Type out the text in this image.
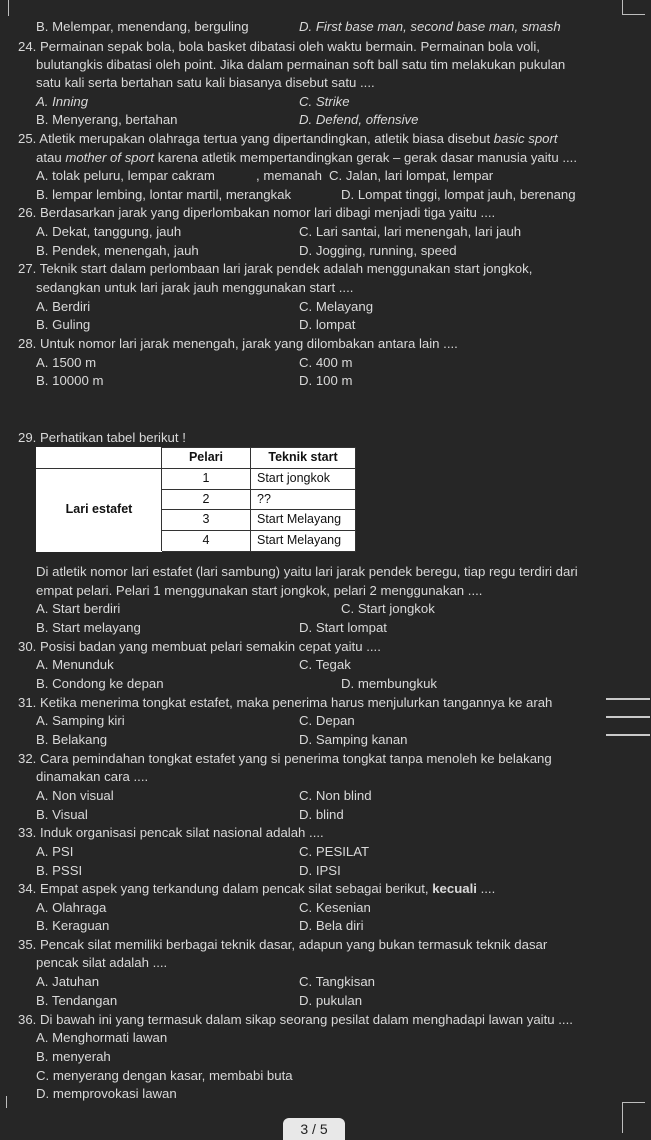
B. Melempar, menendang, berguling	D. First base man, second base man, smash
24. Permainan sepak bola, bola basket dibatasi oleh waktu bermain. Permainan bola voli,
bulutangkis dibatasi oleh point. Jika dalam permainan soft ball satu tim melakukan pukulan
satu kali serta bertahan satu kali biasanya disebut satu ....
A. Inning	C. Strike
B. Menyerang, bertahan	D. Defend, offensive
25. Atletik merupakan olahraga tertua yang dipertandingkan, atletik biasa disebut basic sport
atau mother of sport karena atletik mempertandingkan gerak – gerak dasar manusia yaitu ....
A. tolak peluru, lempar cakram	, memanah C. Jalan, lari lompat, lempar
B. lempar lembing, lontar martil, merangkak	D. Lompat tinggi, lompat jauh, berenang
26. Berdasarkan jarak yang diperlombakan nomor lari dibagi menjadi tiga yaitu ....
A. Dekat, tanggung, jauh	C. Lari santai, lari menengah, lari jauh
B. Pendek, menengah, jauh	D. Jogging, running, speed
27. Teknik start dalam perlombaan lari jarak pendek adalah menggunakan start jongkok,
sedangkan untuk lari jarak jauh menggunakan start ....
A. Berdiri	C. Melayang
B. Guling	D. lompat
28. Untuk nomor lari jarak menengah, jarak yang dilombakan antara lain ....
A. 1500 m	C. 400 m
B. 10000 m	D. 100 m
29. Perhatikan tabel berikut !
	Pelari	Teknik start
Lari estafet	1	Start jongkok
	2	??
	3	Start Melayang
	4	Start Melayang
Di atletik nomor lari estafet (lari sambung) yaitu lari jarak pendek beregu, tiap regu terdiri dari
empat pelari. Pelari 1 menggunakan start jongkok, pelari 2 menggunakan ....
A. Start berdiri	C. Start jongkok
B. Start melayang	D. Start lompat
30. Posisi badan yang membuat pelari semakin cepat yaitu ....
A. Menunduk	C. Tegak
B. Condong ke depan	D. membungkuk
31. Ketika menerima tongkat estafet, maka penerima harus menjulurkan tangannya ke arah
A. Samping kiri	C. Depan
B. Belakang	D. Samping kanan
32. Cara pemindahan tongkat estafet yang si penerima tongkat tanpa menoleh ke belakang
dinamakan cara ....
A. Non visual	C. Non blind
B. Visual	D. blind
33. Induk organisasi pencak silat nasional adalah ....
A. PSI	C. PESILAT
B. PSSI	D. IPSI
34. Empat aspek yang terkandung dalam pencak silat sebagai berikut, kecuali ....
A. Olahraga	C. Kesenian
B. Keraguan	D. Bela diri
35. Pencak silat memiliki berbagai teknik dasar, adapun yang bukan termasuk teknik dasar
pencak silat adalah ....
A. Jatuhan	C. Tangkisan
B. Tendangan	D. pukulan
36. Di bawah ini yang termasuk dalam sikap seorang pesilat dalam menghadapi lawan yaitu ....
A. Menghormati lawan
B. menyerah
C. menyerang dengan kasar, membabi buta
D. memprovokasi lawan
3 / 5
